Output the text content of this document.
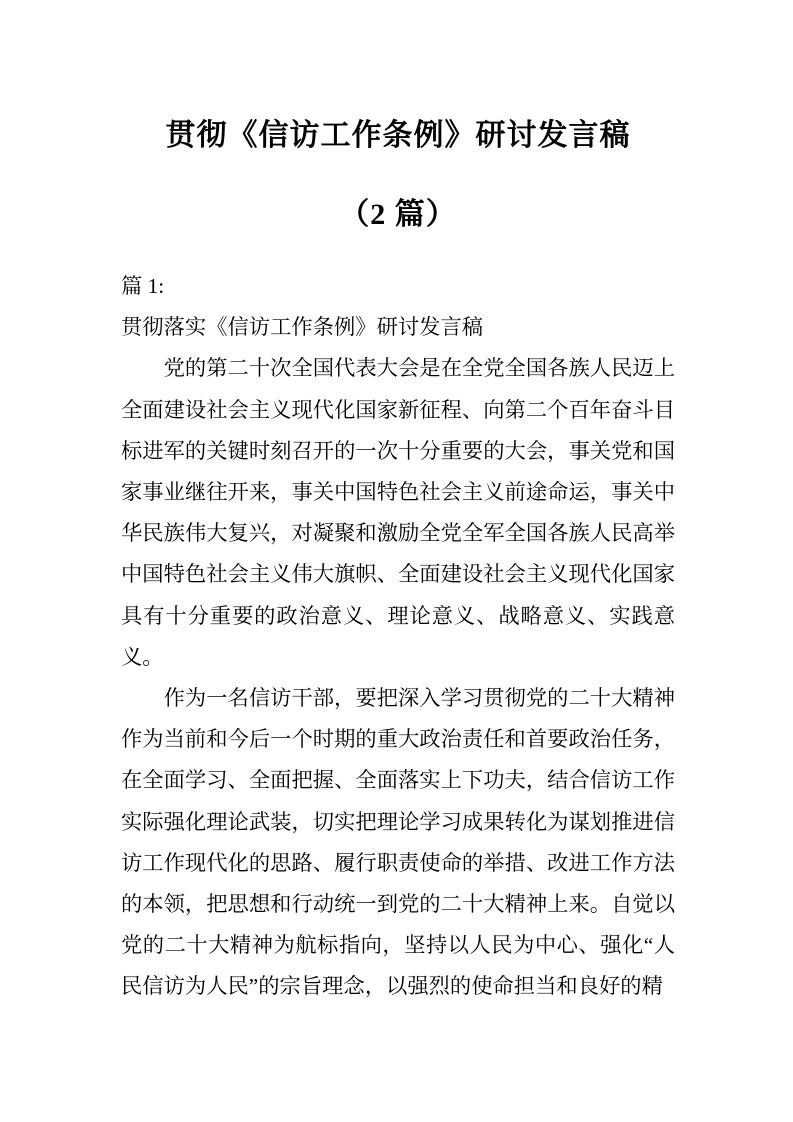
贯彻《信访工作条例》研讨发言稿
（2 篇）
篇 1:
贯彻落实《信访工作条例》研讨发言稿

党的第二十次全国代表大会是在全党全国各族人民迈上全面建设社会主义现代化国家新征程、向第二个百年奋斗目标进军的关键时刻召开的一次十分重要的大会，事关党和国家事业继往开来，事关中国特色社会主义前途命运，事关中华民族伟大复兴，对凝聚和激励全党全军全国各族人民高举中国特色社会主义伟大旗帜、全面建设社会主义现代化国家具有十分重要的政治意义、理论意义、战略意义、实践意义。

作为一名信访干部，要把深入学习贯彻党的二十大精神作为当前和今后一个时期的重大政治责任和首要政治任务，在全面学习、全面把握、全面落实上下功夫，结合信访工作实际强化理论武装，切实把理论学习成果转化为谋划推进信访工作现代化的思路、履行职责使命的举措、改进工作方法的本领，把思想和行动统一到党的二十大精神上来。自觉以党的二十大精神为航标指向，坚持以人民为中心、强化“人民信访为人民”的宗旨理念，以强烈的使命担当和良好的精
